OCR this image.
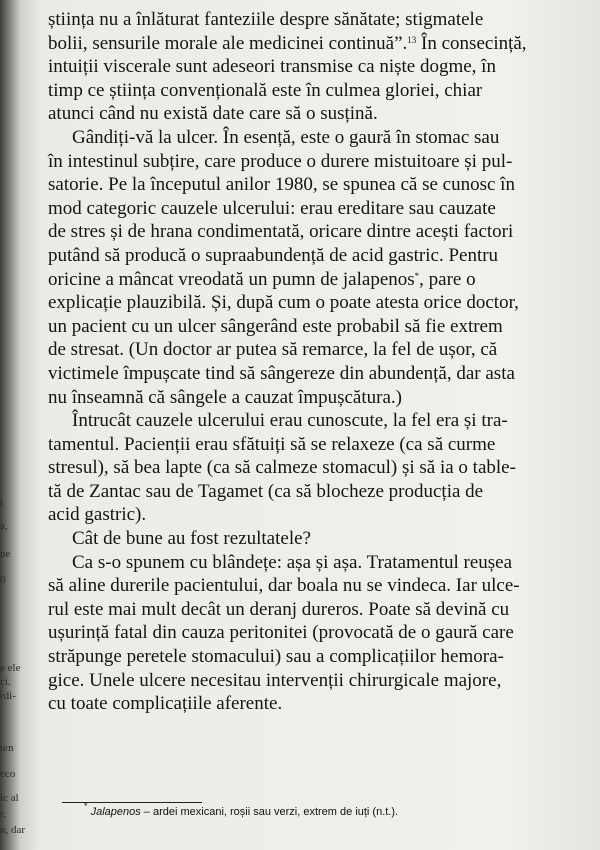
i
a,
ne
0
e ele
ci.
rdi-
ten
eco
ic al
r,
n, dar

știința nu a înlăturat fanteziile despre sănătate; stigmatele
bolii, sensurile morale ale medicinei continuă”.$^{13}$ În consecință,
intuiții viscerale sunt adeseori transmise ca niște dogme, în
timp ce știința convențională este în culmea gloriei, chiar
atunci când nu există date care să o susțină.

Gândiți-vă la ulcer. În esență, este o gaură în stomac sau
în intestinul subțire, care produce o durere mistuitoare și pul-
satorie. Pe la începutul anilor 1980, se spunea că se cunosc în
mod categoric cauzele ulcerului: erau ereditare sau cauzate
de stres și de hrana condimentată, oricare dintre acești factori
putând să producă o supraabundență de acid gastric. Pentru
oricine a mâncat vreodată un pumn de jalapenos*, pare o
explicație plauzibilă. Și, după cum o poate atesta orice doctor,
un pacient cu un ulcer sângerând este probabil să fie extrem
de stresat. (Un doctor ar putea să remarce, la fel de ușor, că
victimele împușcate tind să sângereze din abundență, dar asta
nu înseamnă că sângele a cauzat împușcătura.)

Întrucât cauzele ulcerului erau cunoscute, la fel era și tra-
tamentul. Pacienții erau sfătuiți să se relaxeze (ca să curme
stresul), să bea lapte (ca să calmeze stomacul) și să ia o table-
tă de Zantac sau de Tagamet (ca să blocheze producția de
acid gastric).

Cât de bune au fost rezultatele?

Ca s-o spunem cu blândețe: așa și așa. Tratamentul reușea
să aline durerile pacientului, dar boala nu se vindeca. Iar ulce-
rul este mai mult decât un deranj dureros. Poate să devină cu
ușurință fatal din cauza peritonitei (provocată de o gaură care
străpunge peretele stomacului) sau a complicațiilor hemora-
gice. Unele ulcere necesitau intervenții chirurgicale majore,
cu toate complicațiile aferente.

* Jalapenos – ardei mexicani, roșii sau verzi, extrem de iuți (n.t.).
